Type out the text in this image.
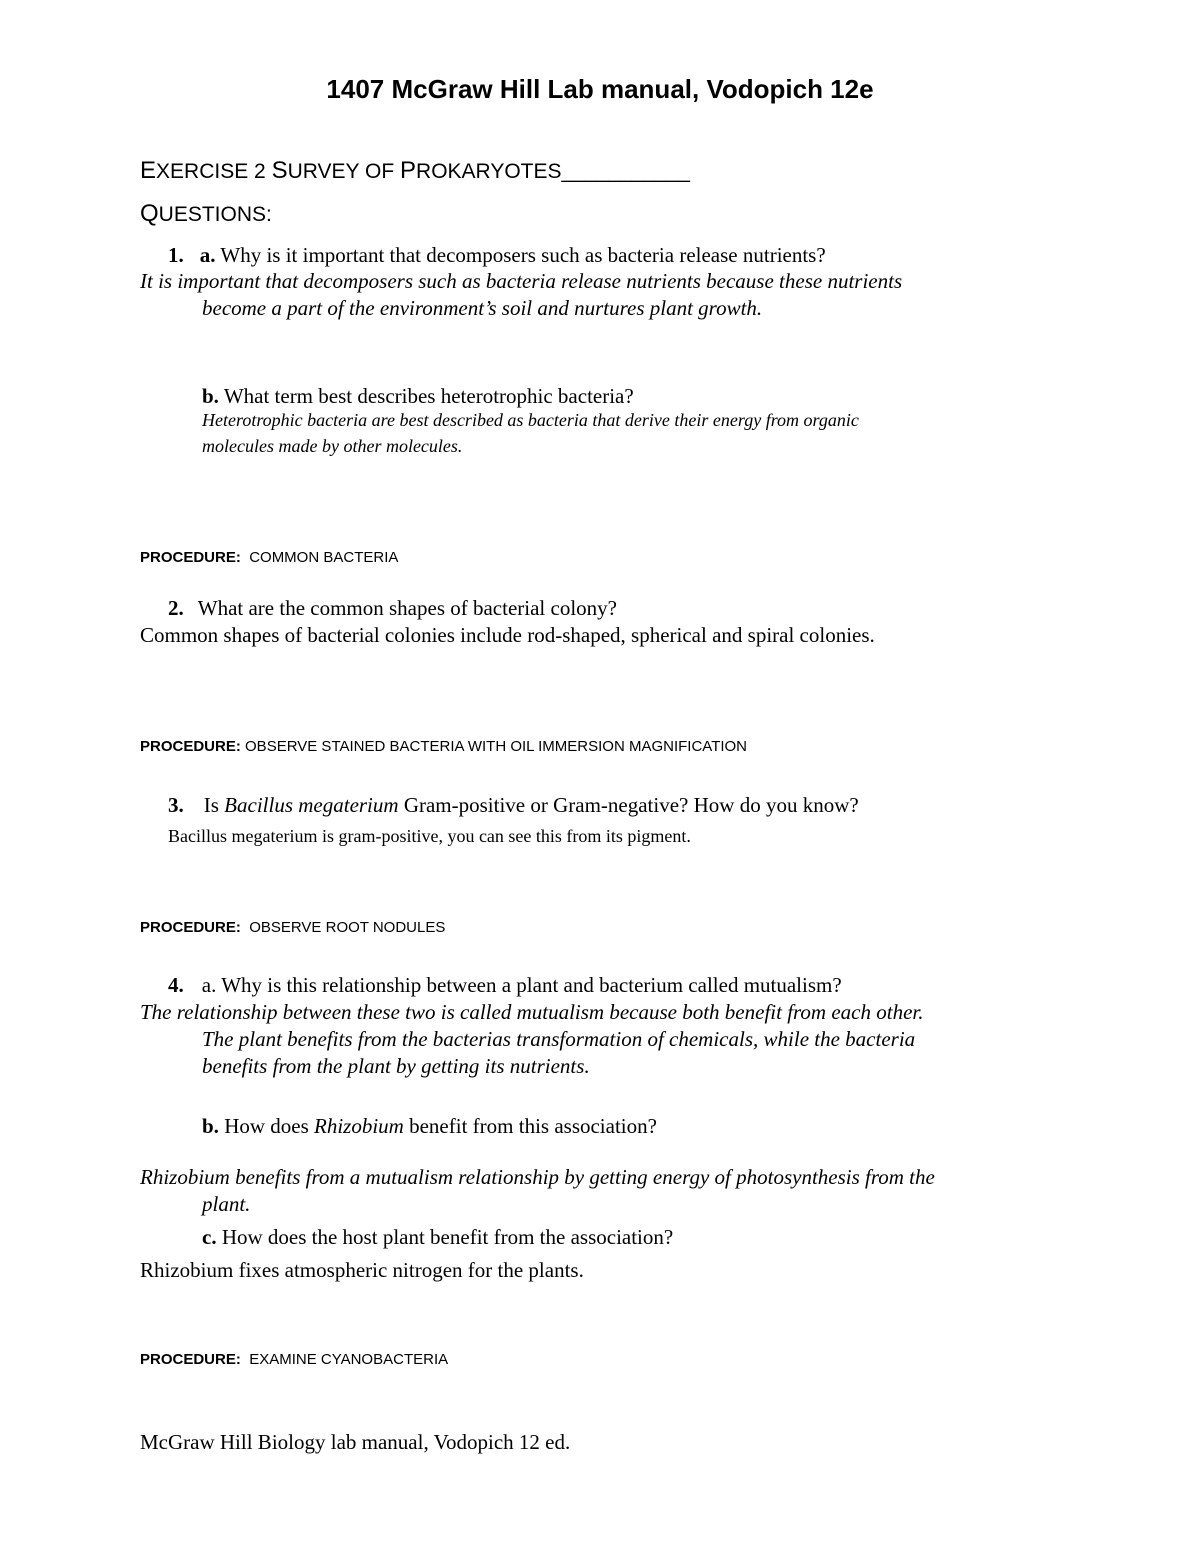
1407 McGraw Hill Lab manual, Vodopich 12e
EXERCISE 2 SURVEY OF PROKARYOTES___________
QUESTIONS:
1. a. Why is it important that decomposers such as bacteria release nutrients?
It is important that decomposers such as bacteria release nutrients because these nutrients
become a part of the environment’s soil and nurtures plant growth.
b. What term best describes heterotrophic bacteria?
Heterotrophic bacteria are best described as bacteria that derive their energy from organic
molecules made by other molecules.
PROCEDURE: COMMON BACTERIA
2. What are the common shapes of bacterial colony?
Common shapes of bacterial colonies include rod-shaped, spherical and spiral colonies.
PROCEDURE: OBSERVE STAINED BACTERIA WITH OIL IMMERSION MAGNIFICATION
3. Is Bacillus megaterium Gram-positive or Gram-negative? How do you know?
Bacillus megaterium is gram-positive, you can see this from its pigment.
PROCEDURE: OBSERVE ROOT NODULES
4. a. Why is this relationship between a plant and bacterium called mutualism?
The relationship between these two is called mutualism because both benefit from each other.
The plant benefits from the bacterias transformation of chemicals, while the bacteria
benefits from the plant by getting its nutrients.
b. How does Rhizobium benefit from this association?
Rhizobium benefits from a mutualism relationship by getting energy of photosynthesis from the
plant.
c. How does the host plant benefit from the association?
Rhizobium fixes atmospheric nitrogen for the plants.
PROCEDURE: EXAMINE CYANOBACTERIA
McGraw Hill Biology lab manual, Vodopich 12 ed.
